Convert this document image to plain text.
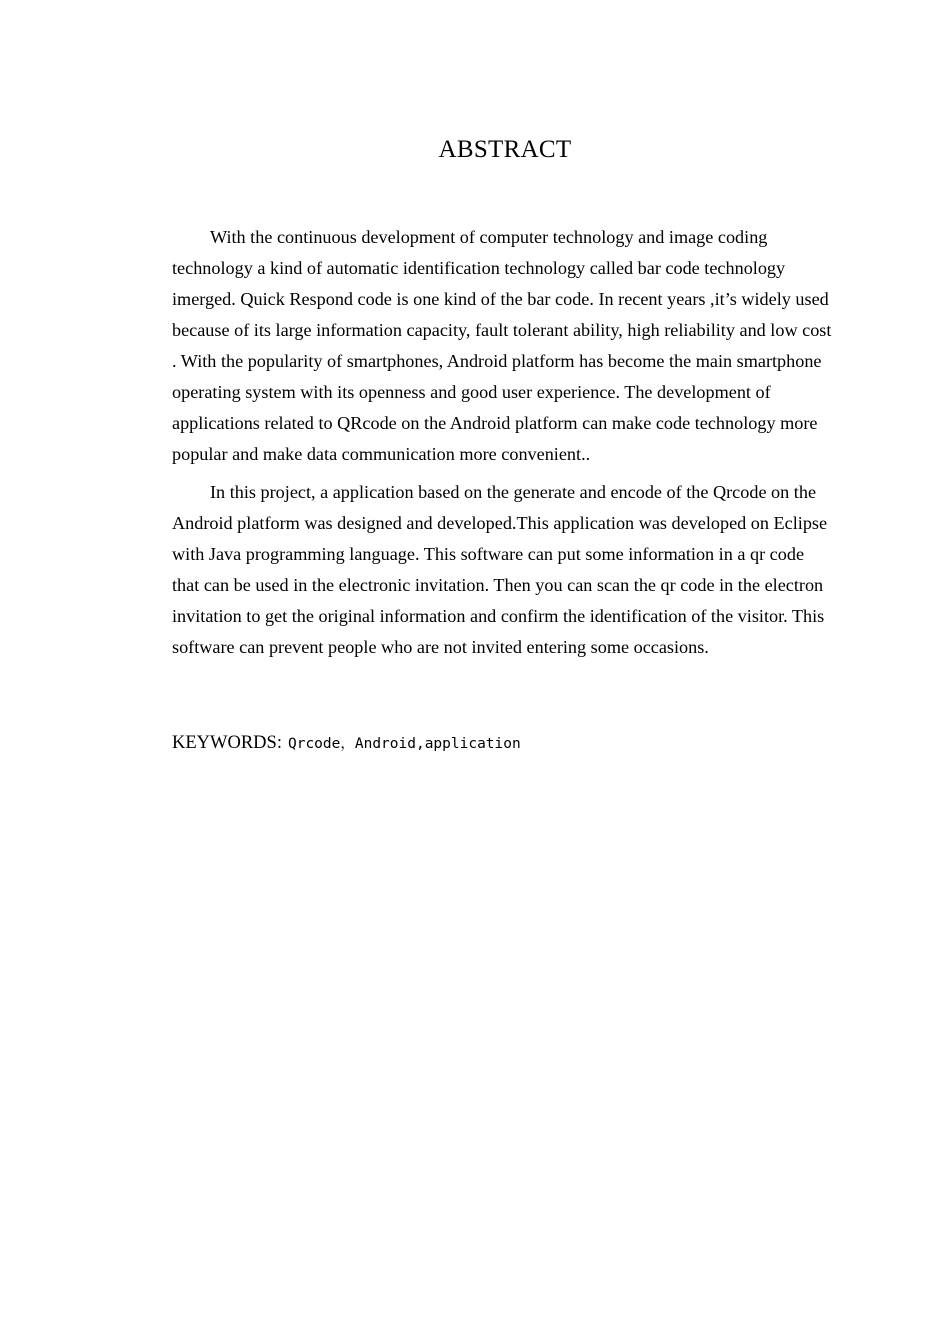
ABSTRACT

With the continuous development of computer technology and image coding technology a kind of automatic identification technology called bar code technology imerged. Quick Respond code is one kind of the bar code. In recent years ,it’s widely used because of its large information capacity, fault tolerant ability, high reliability and low cost . With the popularity of smartphones, Android platform has become the main smartphone operating system with its openness and good user experience. The development of applications related to QRcode on the Android platform can make code technology more popular and make data communication more convenient..

In this project, a application based on the generate and encode of the Qrcode on the Android platform was designed and developed.This application was developed on Eclipse with Java programming language. This software can put some information in a qr code that can be used in the electronic invitation. Then you can scan the qr code in the electron invitation to get the original information and confirm the identification of the visitor. This software can prevent people who are not invited entering some occasions.

KEYWORDS: Qrcode，Android,application
